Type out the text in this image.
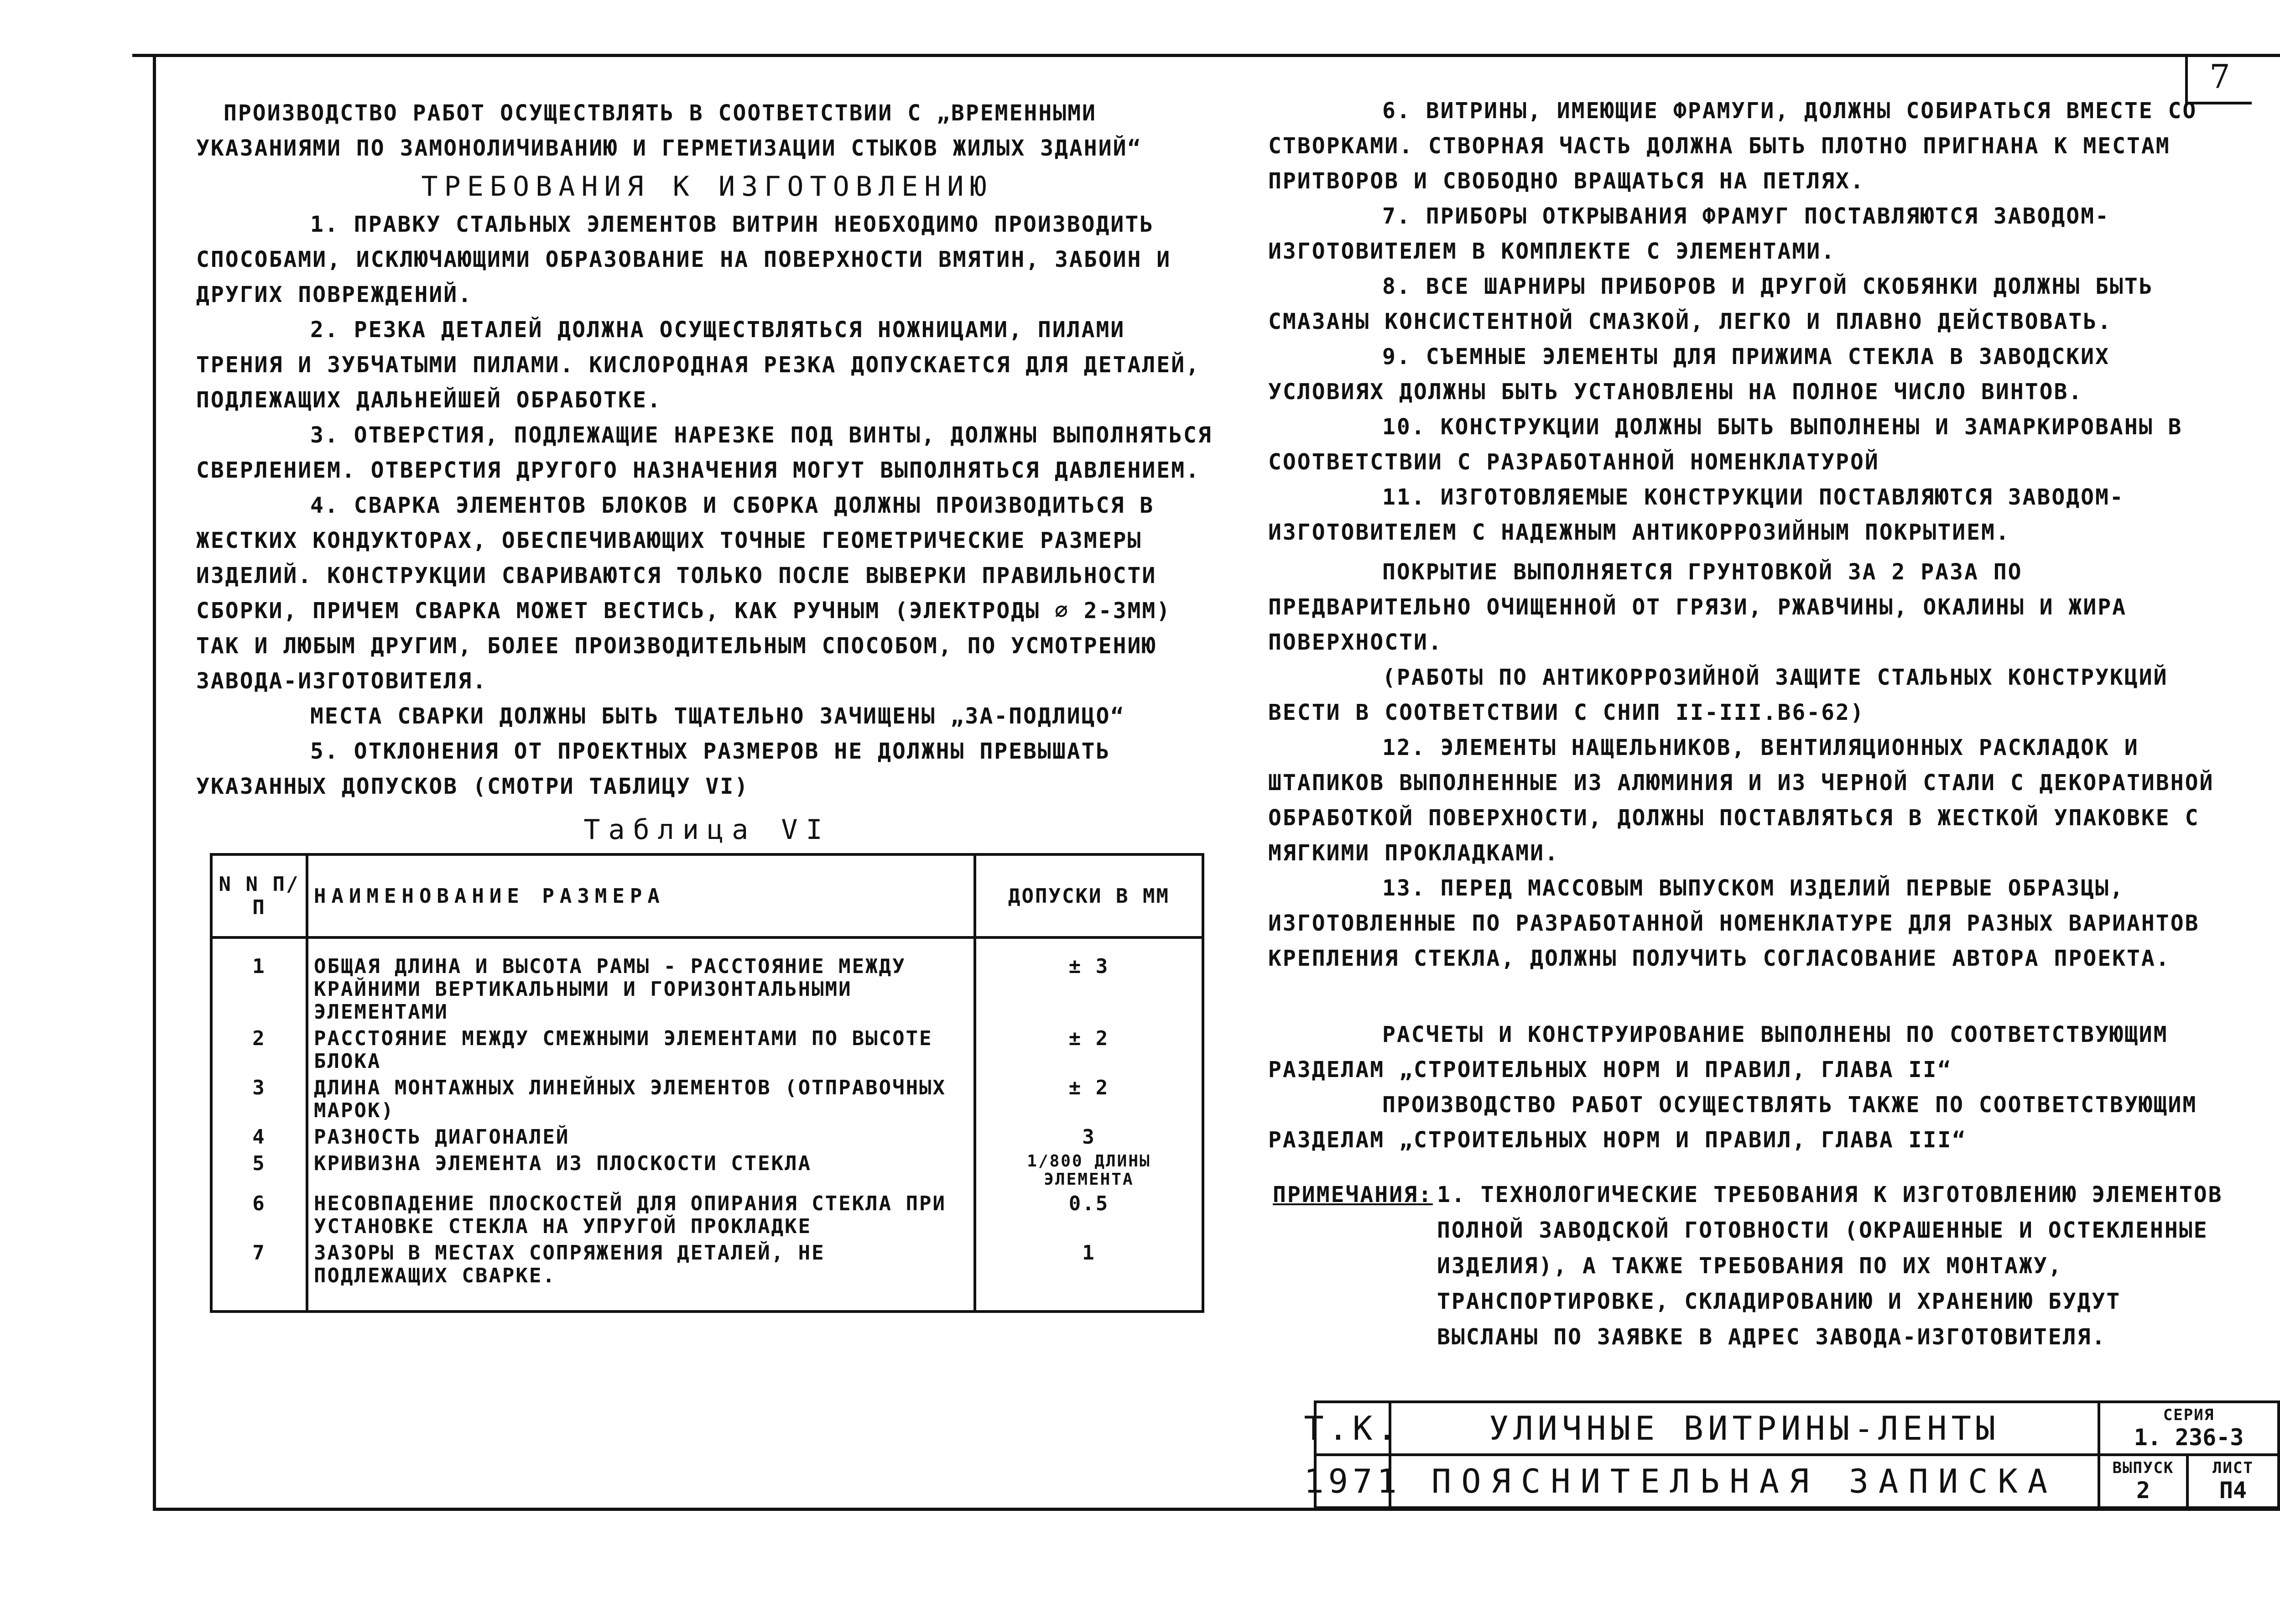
7

ПРОИЗВОДСТВО РАБОТ ОСУЩЕСТВЛЯТЬ В СООТВЕТСТВИИ С „ВРЕМЕННЫМИ УКАЗАНИЯМИ ПО ЗАМОНОЛИЧИВАНИЮ И ГЕРМЕТИЗАЦИИ СТЫКОВ ЖИЛЫХ ЗДАНИЙ“

ТРЕБОВАНИЯ К ИЗГОТОВЛЕНИЮ

1. ПРАВКУ СТАЛЬНЫХ ЭЛЕМЕНТОВ ВИТРИН НЕОБХОДИМО ПРОИЗВОДИТЬ СПОСОБАМИ, ИСКЛЮЧАЮЩИМИ ОБРАЗОВАНИЕ НА ПОВЕРХНОСТИ ВМЯТИН, ЗАБОИН И ДРУГИХ ПОВРЕЖДЕНИЙ.

2. РЕЗКА ДЕТАЛЕЙ ДОЛЖНА ОСУЩЕСТВЛЯТЬСЯ НОЖНИЦАМИ, ПИЛАМИ ТРЕНИЯ И ЗУБЧАТЫМИ ПИЛАМИ. КИСЛОРОДНАЯ РЕЗКА ДОПУСКАЕТСЯ ДЛЯ ДЕТАЛЕЙ, ПОДЛЕЖАЩИХ ДАЛЬНЕЙШЕЙ ОБРАБОТКЕ.

3. ОТВЕРСТИЯ, ПОДЛЕЖАЩИЕ НАРЕЗКЕ ПОД ВИНТЫ, ДОЛЖНЫ ВЫПОЛНЯТЬСЯ СВЕРЛЕНИЕМ. ОТВЕРСТИЯ ДРУГОГО НАЗНАЧЕНИЯ МОГУТ ВЫПОЛНЯТЬСЯ ДАВЛЕНИЕМ.

4. СВАРКА ЭЛЕМЕНТОВ БЛОКОВ И СБОРКА ДОЛЖНЫ ПРОИЗВОДИТЬСЯ В ЖЕСТКИХ КОНДУКТОРАХ, ОБЕСПЕЧИВАЮЩИХ ТОЧНЫЕ ГЕОМЕТРИЧЕСКИЕ РАЗМЕРЫ ИЗДЕЛИЙ. КОНСТРУКЦИИ СВАРИВАЮТСЯ ТОЛЬКО ПОСЛЕ ВЫВЕРКИ ПРАВИЛЬНОСТИ СБОРКИ, ПРИЧЕМ СВАРКА МОЖЕТ ВЕСТИСЬ, КАК РУЧНЫМ (ЭЛЕКТРОДЫ ⌀ 2-3ММ) ТАК И ЛЮБЫМ ДРУГИМ, БОЛЕЕ ПРОИЗВОДИТЕЛЬНЫМ СПОСОБОМ, ПО УСМОТРЕНИЮ ЗАВОДА-ИЗГОТОВИТЕЛЯ.

МЕСТА СВАРКИ ДОЛЖНЫ БЫТЬ ТЩАТЕЛЬНО ЗАЧИЩЕНЫ „ЗА-ПОДЛИЦО“

5. ОТКЛОНЕНИЯ ОТ ПРОЕКТНЫХ РАЗМЕРОВ НЕ ДОЛЖНЫ ПРЕВЫШАТЬ УКАЗАННЫХ ДОПУСКОВ (СМОТРИ ТАБЛИЦУ VI)

Таблица VI

N N П/П	НАИМЕНОВАНИЕ РАЗМЕРА	ДОПУСКИ В ММ
1	ОБЩАЯ ДЛИНА И ВЫСОТА РАМЫ - РАССТОЯНИЕ МЕЖДУ КРАЙНИМИ ВЕРТИКАЛЬНЫМИ И ГОРИЗОНТАЛЬНЫМИ ЭЛЕМЕНТАМИ	± 3
2	РАССТОЯНИЕ МЕЖДУ СМЕЖНЫМИ ЭЛЕМЕНТАМИ ПО ВЫСОТЕ БЛОКА	± 2
3	ДЛИНА МОНТАЖНЫХ ЛИНЕЙНЫХ ЭЛЕМЕНТОВ (ОТПРАВОЧНЫХ МАРОК)	± 2
4	РАЗНОСТЬ ДИАГОНАЛЕЙ	3
5	КРИВИЗНА ЭЛЕМЕНТА ИЗ ПЛОСКОСТИ СТЕКЛА	1/800 ДЛИНЫ ЭЛЕМЕНТА
6	НЕСОВПАДЕНИЕ ПЛОСКОСТЕЙ ДЛЯ ОПИРАНИЯ СТЕКЛА ПРИ УСТАНОВКЕ СТЕКЛА НА УПРУГОЙ ПРОКЛАДКЕ	0.5
7	ЗАЗОРЫ В МЕСТАХ СОПРЯЖЕНИЯ ДЕТАЛЕЙ, НЕ ПОДЛЕЖАЩИХ СВАРКЕ.	1

6. ВИТРИНЫ, ИМЕЮЩИЕ ФРАМУГИ, ДОЛЖНЫ СОБИРАТЬСЯ ВМЕСТЕ СО СТВОРКАМИ. СТВОРНАЯ ЧАСТЬ ДОЛЖНА БЫТЬ ПЛОТНО ПРИГНАНА К МЕСТАМ ПРИТВОРОВ И СВОБОДНО ВРАЩАТЬСЯ НА ПЕТЛЯХ.

7. ПРИБОРЫ ОТКРЫВАНИЯ ФРАМУГ ПОСТАВЛЯЮТСЯ ЗАВОДОМ-ИЗГОТОВИТЕЛЕМ В КОМПЛЕКТЕ С ЭЛЕМЕНТАМИ.

8. ВСЕ ШАРНИРЫ ПРИБОРОВ И ДРУГОЙ СКОБЯНКИ ДОЛЖНЫ БЫТЬ СМАЗАНЫ КОНСИСТЕНТНОЙ СМАЗКОЙ, ЛЕГКО И ПЛАВНО ДЕЙСТВОВАТЬ.

9. СЪЕМНЫЕ ЭЛЕМЕНТЫ ДЛЯ ПРИЖИМА СТЕКЛА В ЗАВОДСКИХ УСЛОВИЯХ ДОЛЖНЫ БЫТЬ УСТАНОВЛЕНЫ НА ПОЛНОЕ ЧИСЛО ВИНТОВ.

10. КОНСТРУКЦИИ ДОЛЖНЫ БЫТЬ ВЫПОЛНЕНЫ И ЗАМАРКИРОВАНЫ В СООТВЕТСТВИИ С РАЗРАБОТАННОЙ НОМЕНКЛАТУРОЙ

11. ИЗГОТОВЛЯЕМЫЕ КОНСТРУКЦИИ ПОСТАВЛЯЮТСЯ ЗАВОДОМ-ИЗГОТОВИТЕЛЕМ С НАДЕЖНЫМ АНТИКОРРОЗИЙНЫМ ПОКРЫТИЕМ.

ПОКРЫТИЕ ВЫПОЛНЯЕТСЯ ГРУНТОВКОЙ ЗА 2 РАЗА ПО ПРЕДВАРИТЕЛЬНО ОЧИЩЕННОЙ ОТ ГРЯЗИ, РЖАВЧИНЫ, ОКАЛИНЫ И ЖИРА ПОВЕРХНОСТИ.

(РАБОТЫ ПО АНТИКОРРОЗИЙНОЙ ЗАЩИТЕ СТАЛЬНЫХ КОНСТРУКЦИЙ ВЕСТИ В СООТВЕТСТВИИ С СНИП II-III.В6-62)

12. ЭЛЕМЕНТЫ НАЩЕЛЬНИКОВ, ВЕНТИЛЯЦИОННЫХ РАСКЛАДОК И ШТАПИКОВ ВЫПОЛНЕННЫЕ ИЗ АЛЮМИНИЯ И ИЗ ЧЕРНОЙ СТАЛИ С ДЕКОРАТИВНОЙ ОБРАБОТКОЙ ПОВЕРХНОСТИ, ДОЛЖНЫ ПОСТАВЛЯТЬСЯ В ЖЕСТКОЙ УПАКОВКЕ С МЯГКИМИ ПРОКЛАДКАМИ.

13. ПЕРЕД МАССОВЫМ ВЫПУСКОМ ИЗДЕЛИЙ ПЕРВЫЕ ОБРАЗЦЫ, ИЗГОТОВЛЕННЫЕ ПО РАЗРАБОТАННОЙ НОМЕНКЛАТУРЕ ДЛЯ РАЗНЫХ ВАРИАНТОВ КРЕПЛЕНИЯ СТЕКЛА, ДОЛЖНЫ ПОЛУЧИТЬ СОГЛАСОВАНИЕ АВТОРА ПРОЕКТА.

РАСЧЕТЫ И КОНСТРУИРОВАНИЕ ВЫПОЛНЕНЫ ПО СООТВЕТСТВУЮЩИМ РАЗДЕЛАМ „СТРОИТЕЛЬНЫХ НОРМ И ПРАВИЛ, ГЛАВА II“

ПРОИЗВОДСТВО РАБОТ ОСУЩЕСТВЛЯТЬ ТАКЖЕ ПО СООТВЕТСТВУЮЩИМ РАЗДЕЛАМ „СТРОИТЕЛЬНЫХ НОРМ И ПРАВИЛ, ГЛАВА III“

ПРИМЕЧАНИЯ: 1. ТЕХНОЛОГИЧЕСКИЕ ТРЕБОВАНИЯ К ИЗГОТОВЛЕНИЮ ЭЛЕМЕНТОВ ПОЛНОЙ ЗАВОДСКОЙ ГОТОВНОСТИ (ОКРАШЕННЫЕ И ОСТЕКЛЕННЫЕ ИЗДЕЛИЯ), А ТАКЖЕ ТРЕБОВАНИЯ ПО ИХ МОНТАЖУ, ТРАНСПОРТИРОВКЕ, СКЛАДИРОВАНИЮ И ХРАНЕНИЮ БУДУТ ВЫСЛАНЫ ПО ЗАЯВКЕ В АДРЕС ЗАВОДА-ИЗГОТОВИТЕЛЯ.
Т.К.
1971
УЛИЧНЫЕ ВИТРИНЫ-ЛЕНТЫ
ПОЯСНИТЕЛЬНАЯ ЗАПИСКА
СЕРИЯ
1. 236-3
ВЫПУСК
2
ЛИСТ
П4
